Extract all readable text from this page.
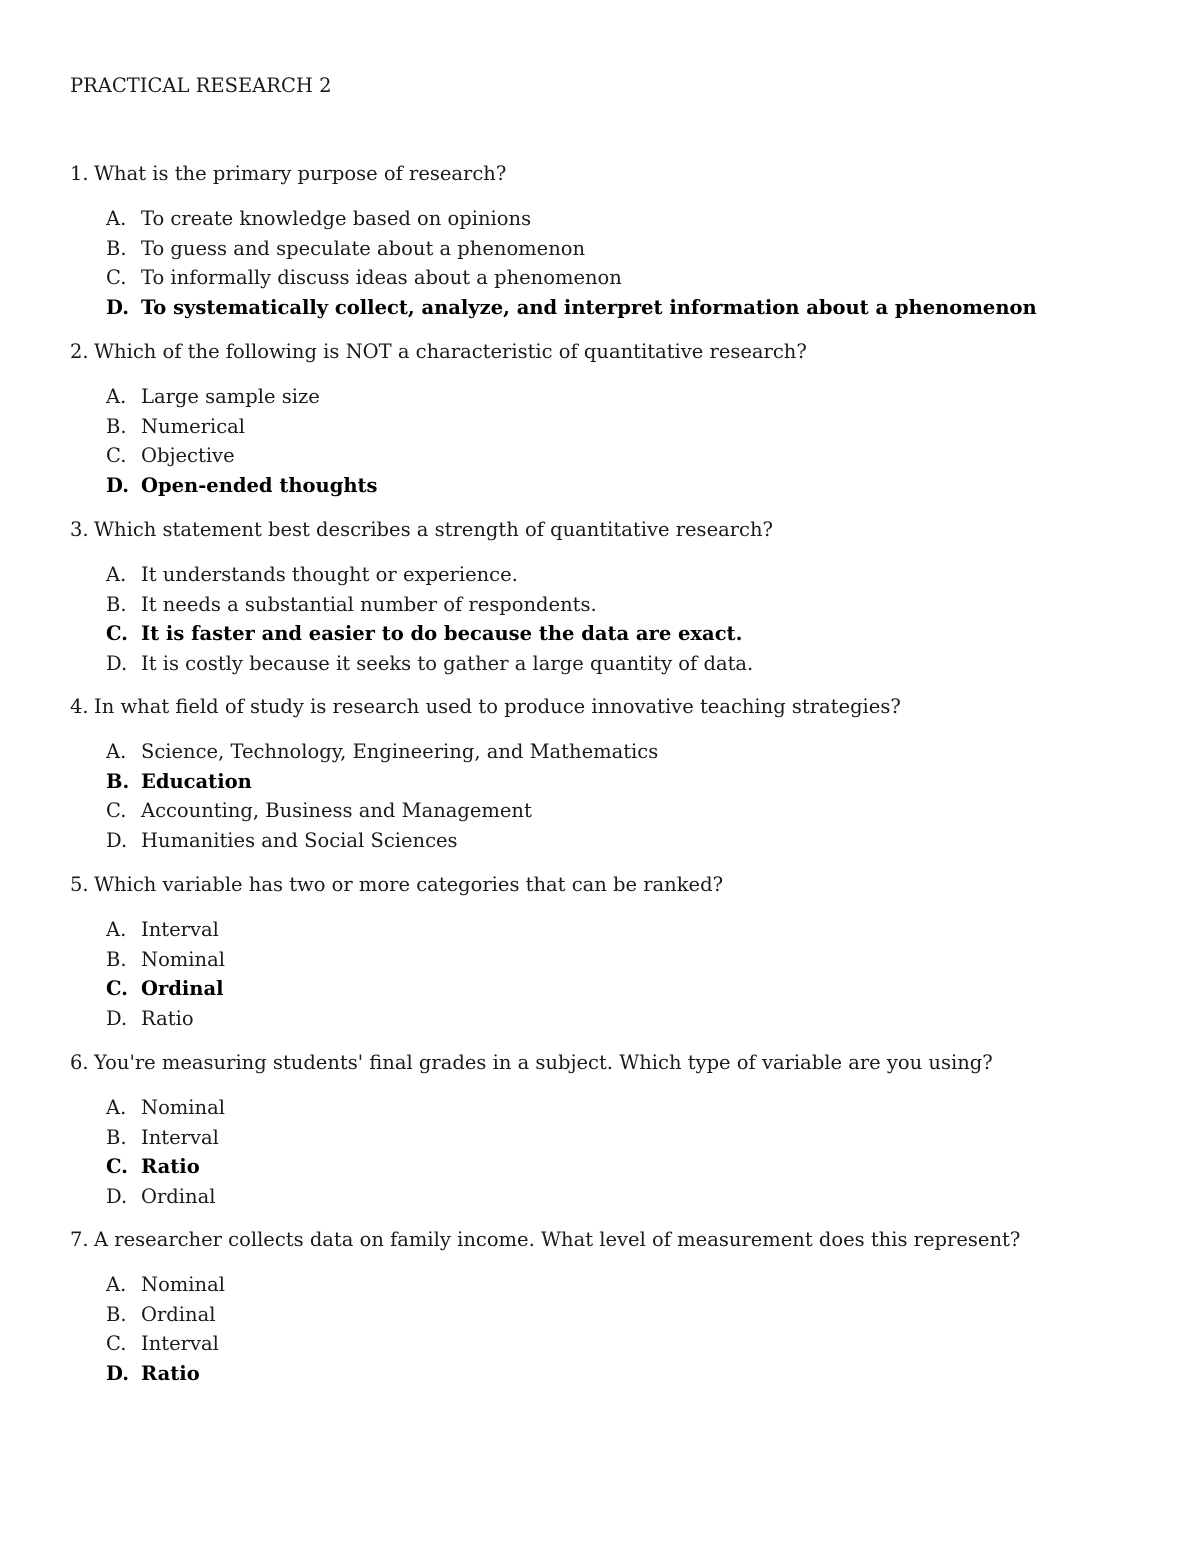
PRACTICAL RESEARCH 2
1. What is the primary purpose of research?
A. To create knowledge based on opinions
B. To guess and speculate about a phenomenon
C. To informally discuss ideas about a phenomenon
D. To systematically collect, analyze, and interpret information about a phenomenon
2. Which of the following is NOT a characteristic of quantitative research?
A. Large sample size
B. Numerical
C. Objective
D. Open-ended thoughts
3. Which statement best describes a strength of quantitative research?
A. It understands thought or experience.
B. It needs a substantial number of respondents.
C. It is faster and easier to do because the data are exact.
D. It is costly because it seeks to gather a large quantity of data.
4. In what field of study is research used to produce innovative teaching strategies?
A. Science, Technology, Engineering, and Mathematics
B. Education
C. Accounting, Business and Management
D. Humanities and Social Sciences
5. Which variable has two or more categories that can be ranked?
A. Interval
B. Nominal
C. Ordinal
D. Ratio
6. You're measuring students' final grades in a subject. Which type of variable are you using?
A. Nominal
B. Interval
C. Ratio
D. Ordinal
7. A researcher collects data on family income. What level of measurement does this represent?
A. Nominal
B. Ordinal
C. Interval
D. Ratio
